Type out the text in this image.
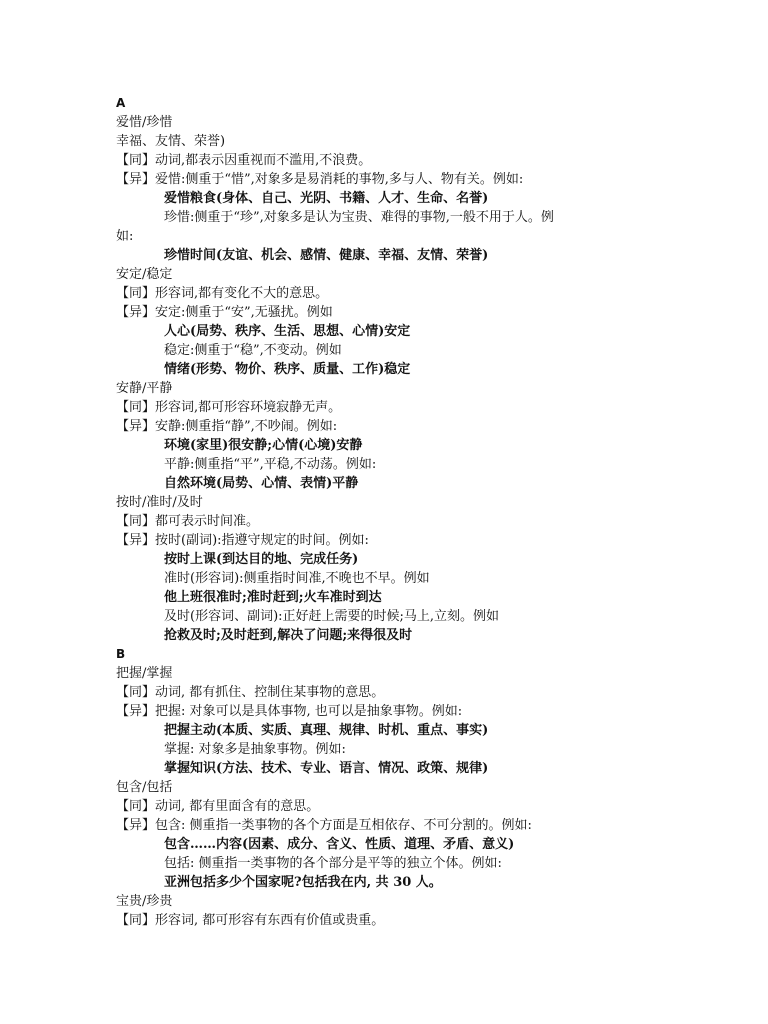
A
爱惜/珍惜
幸福、友情、荣誉)
【同】动词,都表示因重视而不滥用,不浪费。
【异】爱惜:侧重于“惜”,对象多是易消耗的事物,多与人、物有关。例如:
爱惜粮食(身体、自己、光阴、书籍、人才、生命、名誉)
珍惜:侧重于“珍”,对象多是认为宝贵、难得的事物,一般不用于人。例
如:
珍惜时间(友谊、机会、感情、健康、幸福、友情、荣誉)
安定/稳定
【同】形容词,都有变化不大的意思。
【异】安定:侧重于“安”,无骚扰。例如
人心(局势、秩序、生活、思想、心情)安定
稳定:侧重于“稳”,不变动。例如
情绪(形势、物价、秩序、质量、工作)稳定
安静/平静
【同】形容词,都可形容环境寂静无声。
【异】安静:侧重指“静”,不吵闹。例如:
环境(家里)很安静;心情(心境)安静
平静:侧重指“平”,平稳,不动荡。例如:
自然环境(局势、心情、表情)平静
按时/准时/及时
【同】都可表示时间准。
【异】按时(副词):指遵守规定的时间。例如:
按时上课(到达目的地、完成任务)
准时(形容词):侧重指时间准,不晚也不早。例如
他上班很准时;准时赶到;火车准时到达
及时(形容词、副词):正好赶上需要的时候;马上,立刻。例如
抢救及时;及时赶到,解决了问题;来得很及时
B
把握/掌握
【同】动词, 都有抓住、控制住某事物的意思。
【异】把握: 对象可以是具体事物, 也可以是抽象事物。例如:
把握主动(本质、实质、真理、规律、时机、重点、事实)
掌握: 对象多是抽象事物。例如:
掌握知识(方法、技术、专业、语言、情况、政策、规律)
包含/包括
【同】动词, 都有里面含有的意思。
【异】包含: 侧重指一类事物的各个方面是互相依存、不可分割的。例如:
包含……内容(因素、成分、含义、性质、道理、矛盾、意义)
包括: 侧重指一类事物的各个部分是平等的独立个体。例如:
亚洲包括多少个国家呢?包括我在内, 共 30 人。
宝贵/珍贵
【同】形容词, 都可形容有东西有价值或贵重。
